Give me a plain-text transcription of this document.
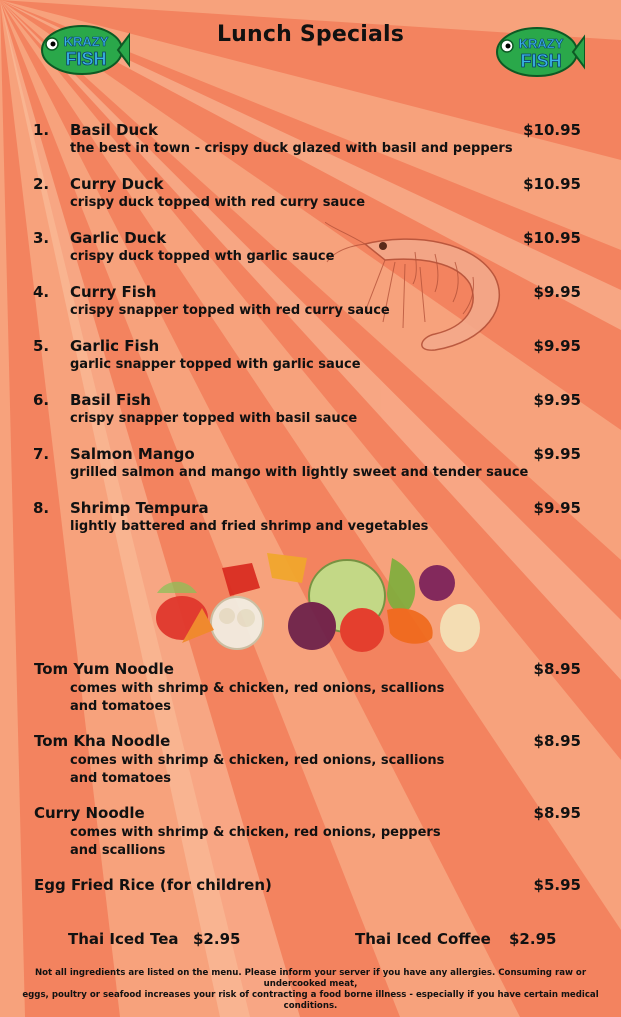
KRAZY
FISH
KRAZY
FISH
Lunch Specials
1. Basil Duck	$10.95
the best in town - crispy duck glazed with basil and peppers
2. Curry Duck	$10.95
crispy duck topped with red curry sauce
3. Garlic Duck	$10.95
crispy duck topped wth garlic sauce
4. Curry Fish	$9.95
crispy snapper topped with red curry sauce
5. Garlic Fish	$9.95
garlic snapper topped with garlic sauce
6. Basil Fish	$9.95
crispy snapper topped with basil sauce
7. Salmon Mango	$9.95
grilled salmon and mango with lightly sweet and tender sauce
8. Shrimp Tempura	$9.95
lightly battered and fried shrimp and vegetables
Tom Yum Noodle	$8.95
comes with shrimp & chicken, red onions, scallions
and tomatoes
Tom Kha Noodle	$8.95
comes with shrimp & chicken, red onions, scallions
and tomatoes
Curry Noodle	$8.95
comes with shrimp & chicken, red onions, peppers
and scallions
Egg Fried Rice (for children)	$5.95
Thai Iced Tea $2.95	Thai Iced Coffee $2.95
Not all ingredients are listed on the menu. Please inform your server if you have any allergies. Consuming raw or undercooked meat,
eggs, poultry or seafood increases your risk of contracting a food borne illness - especially if you have certain medical conditions.
